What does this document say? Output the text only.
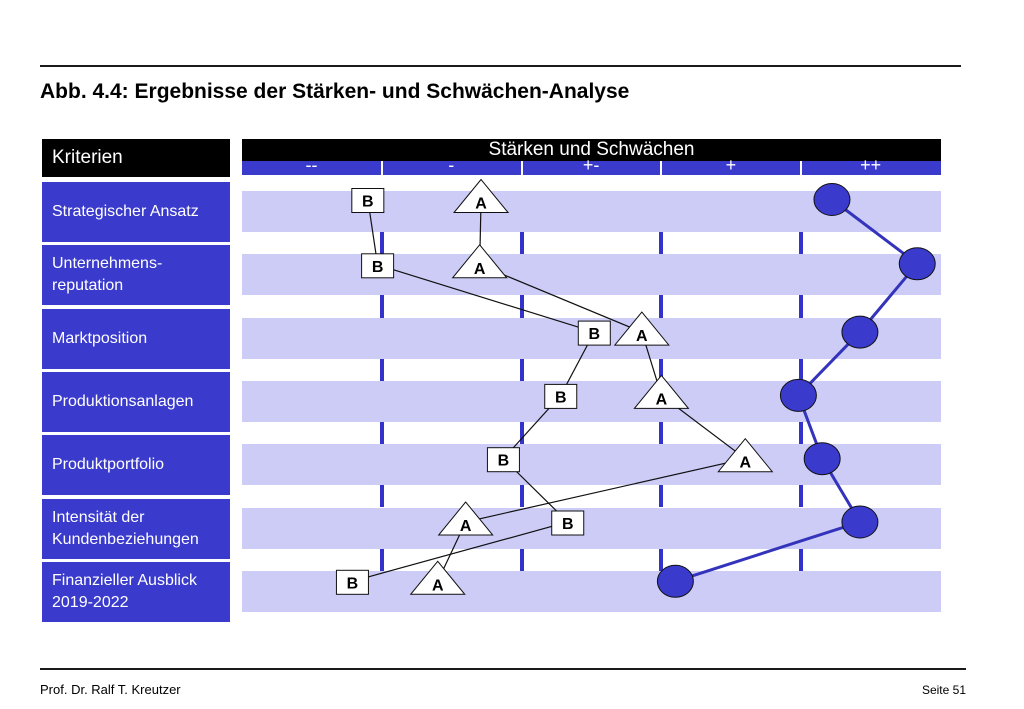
Abb. 4.4: Ergebnisse der Stärken- und Schwächen-Analyse
Kriterien
Strategischer Ansatz
Unternehmens-
reputation
Marktposition
Produktionsanlagen
Produktportfolio
Intensität der
Kundenbeziehungen
Finanzieller Ausblick
2019-2022
Stärken und Schwächen
--	-	+-	+	++
B
B
B
B
B
B
B
A
A
A
A
A
A
A
Prof. Dr. Ralf T. Kreutzer	Seite 51
